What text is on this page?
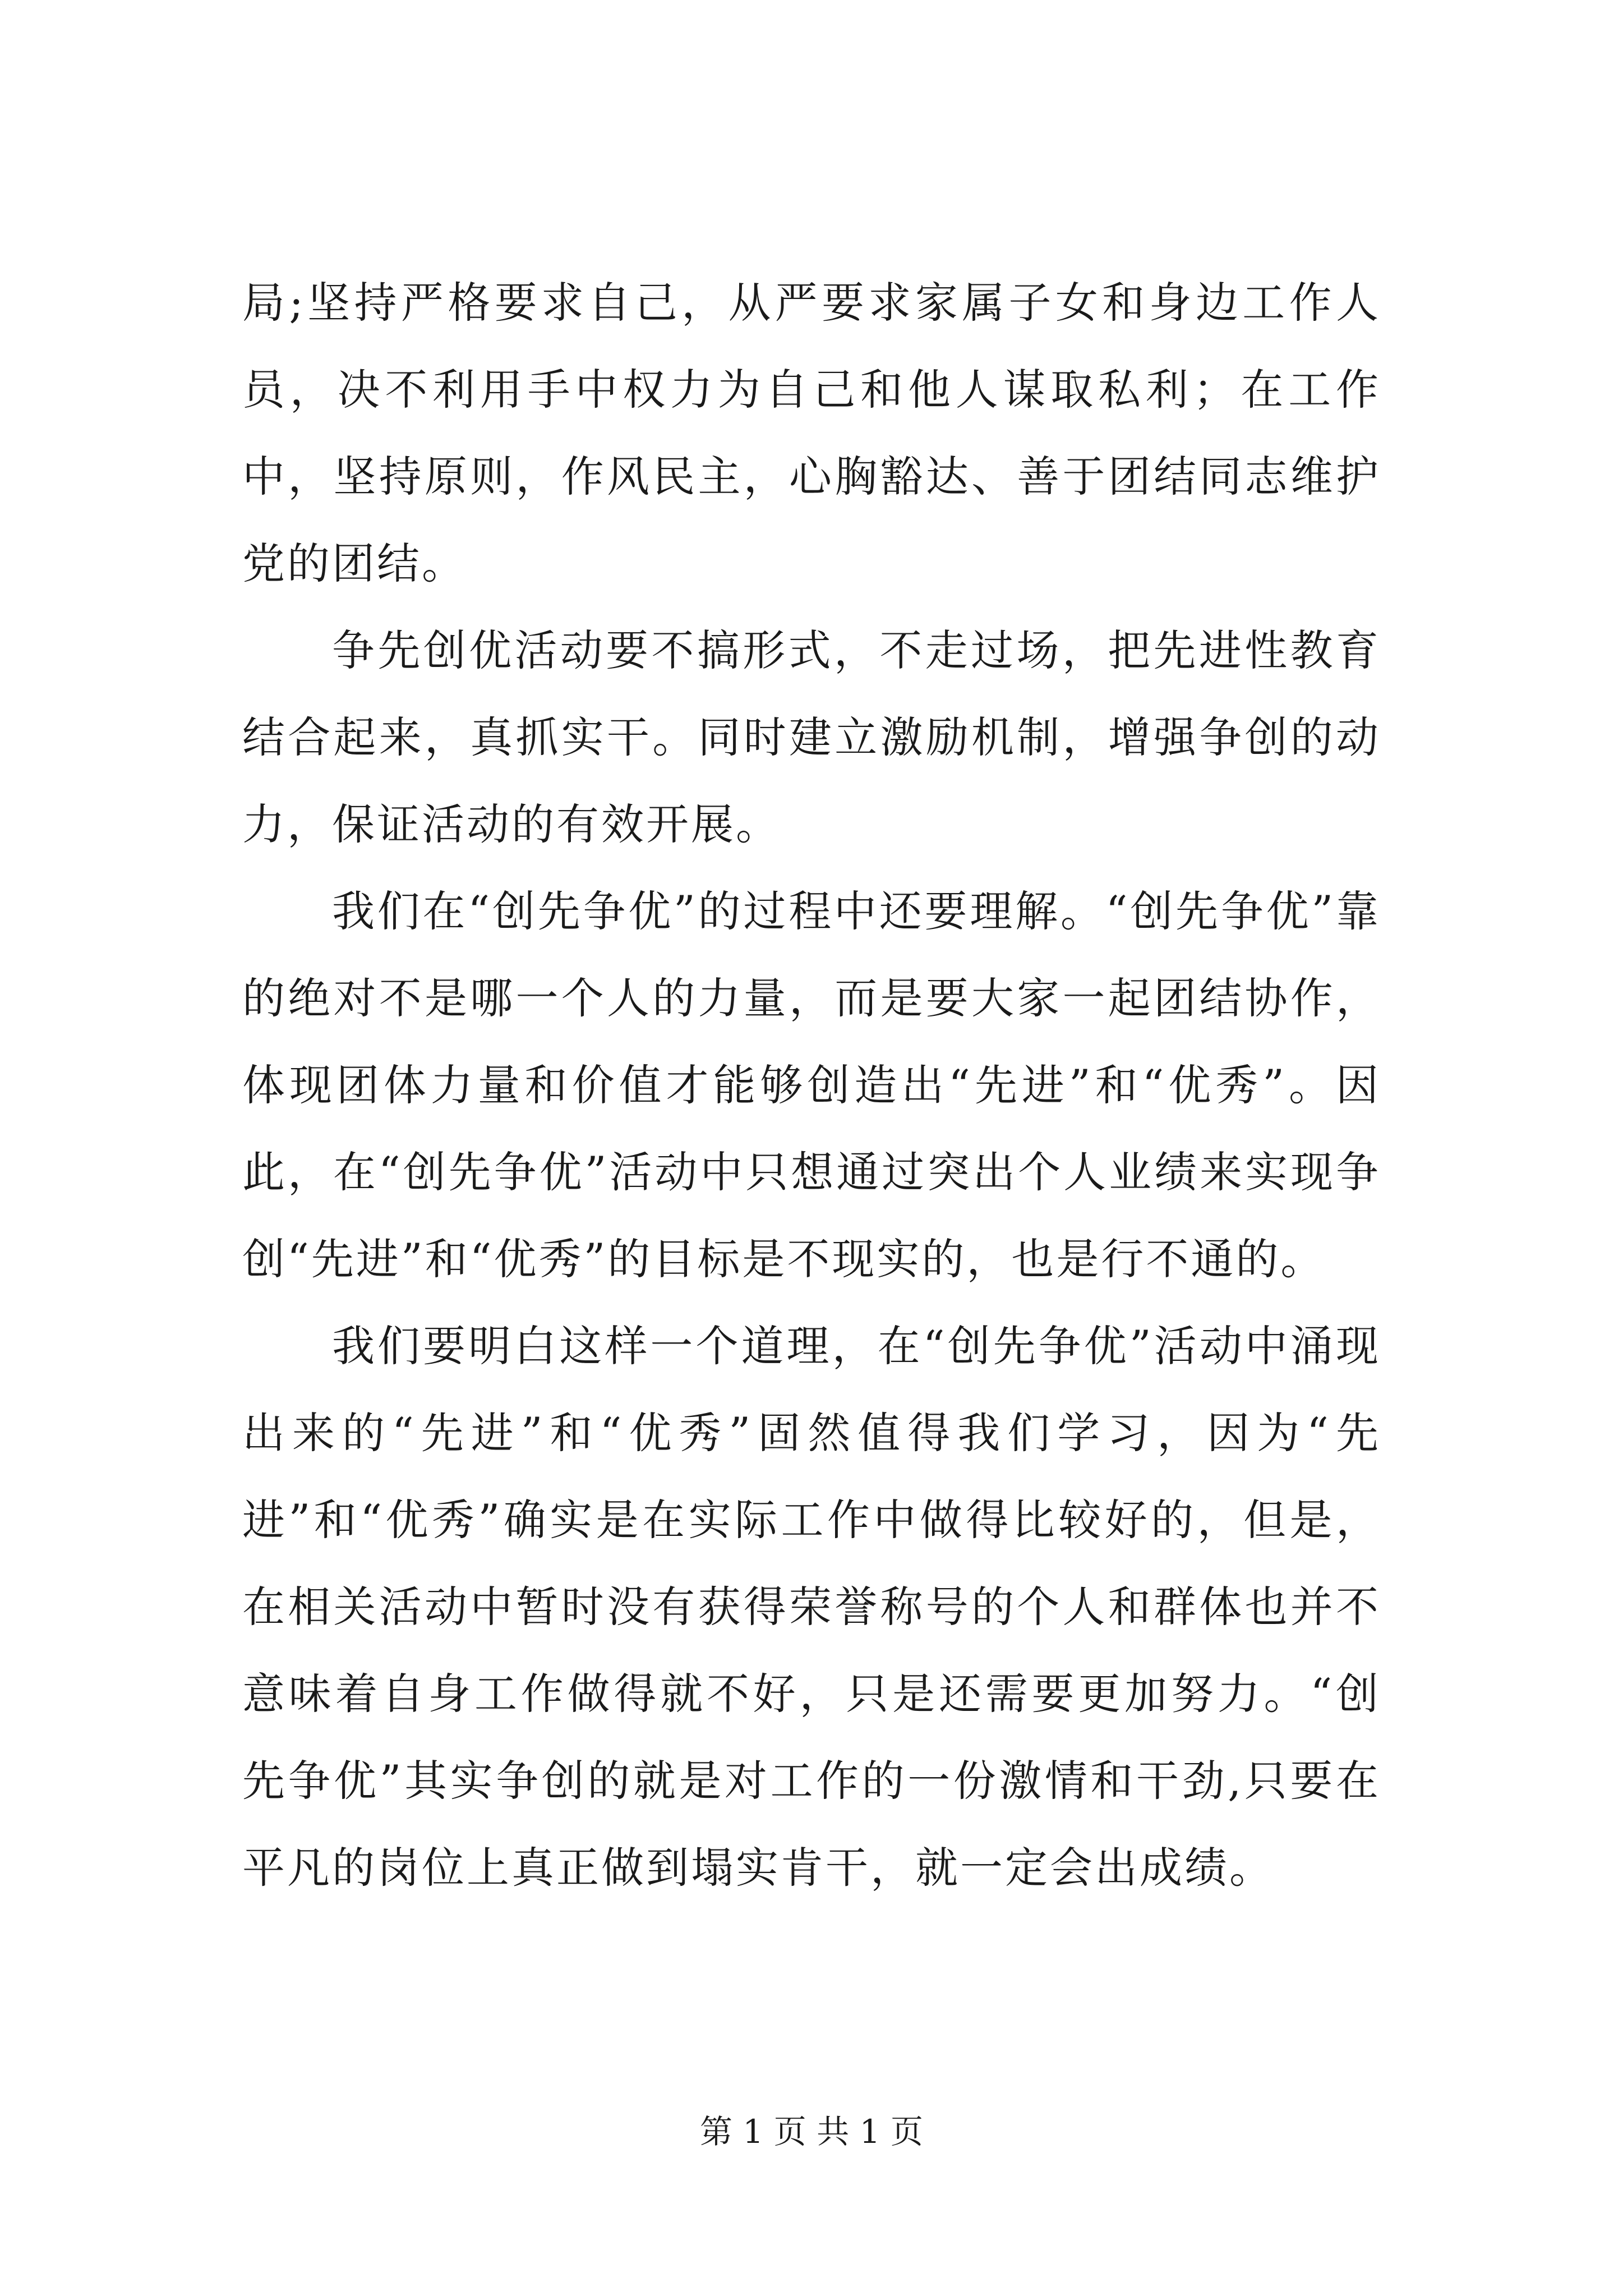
局;坚持严格要求自己，从严要求家属子女和身边工作人员，决不利用手中权力为自己和他人谋取私利；在工作中，坚持原则，作风民主，心胸豁达、善于团结同志维护党的团结。

争先创优活动要不搞形式，不走过场，把先进性教育结合起来，真抓实干。同时建立激励机制，增强争创的动力，保证活动的有效开展。

我们在“创先争优”的过程中还要理解。“创先争优”靠的绝对不是哪一个人的力量，而是要大家一起团结协作，体现团体力量和价值才能够创造出“先进”和“优秀”。因此，在“创先争优”活动中只想通过突出个人业绩来实现争创“先进”和“优秀”的目标是不现实的，也是行不通的。

我们要明白这样一个道理，在“创先争优”活动中涌现出来的“先进”和“优秀”固然值得我们学习，因为“先进”和“优秀”确实是在实际工作中做得比较好的，但是，在相关活动中暂时没有获得荣誉称号的个人和群体也并不意味着自身工作做得就不好，只是还需要更加努力。“创先争优”其实争创的就是对工作的一份激情和干劲,只要在平凡的岗位上真正做到塌实肯干，就一定会出成绩。

第 1 页 共 1 页
